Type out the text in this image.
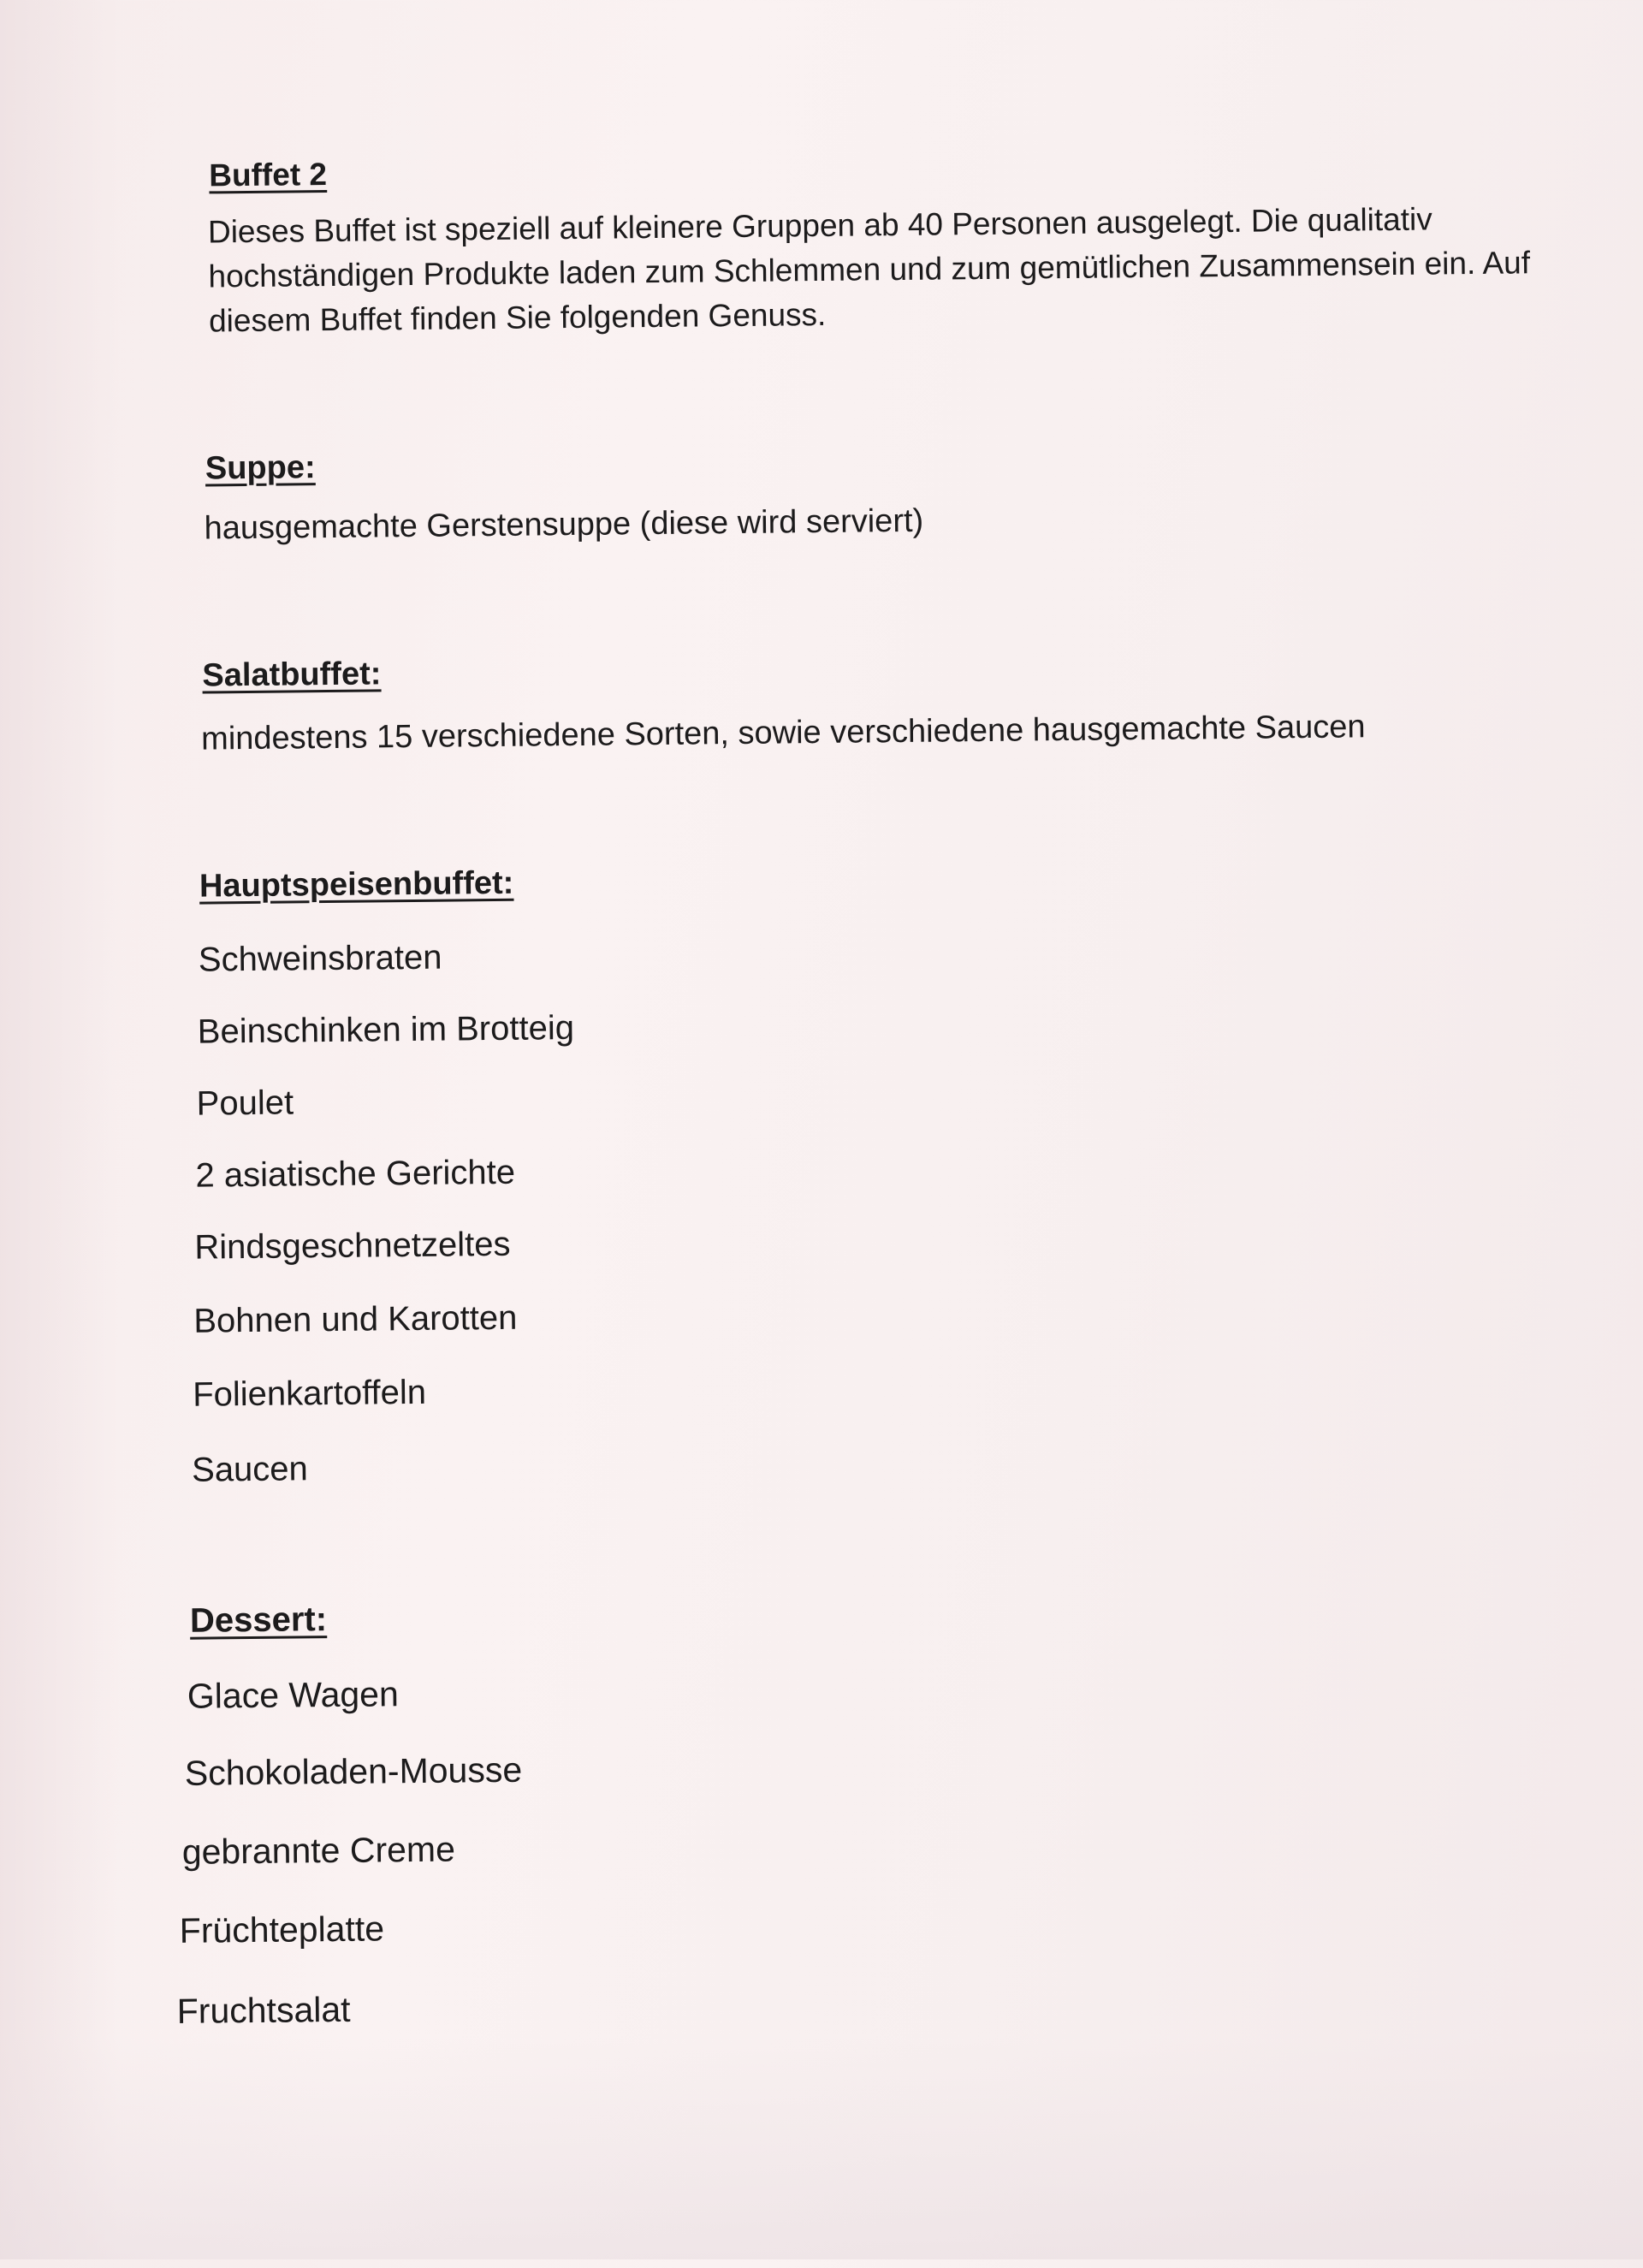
Buffet 2
Dieses Buffet ist speziell auf kleinere Gruppen ab 40 Personen ausgelegt. Die qualitativ hochständigen Produkte laden zum Schlemmen und zum gemütlichen Zusammensein ein. Auf diesem Buffet finden Sie folgenden Genuss.
Suppe:
hausgemachte Gerstensuppe (diese wird serviert)
Salatbuffet:
mindestens 15 verschiedene Sorten, sowie verschiedene hausgemachte Saucen
Hauptspeisenbuffet:
Schweinsbraten
Beinschinken im Brotteig
Poulet
2 asiatische Gerichte
Rindsgeschnetzeltes
Bohnen und Karotten
Folienkartoffeln
Saucen
Dessert:
Glace Wagen
Schokoladen-Mousse
gebrannte Creme
Früchteplatte
Fruchtsalat
